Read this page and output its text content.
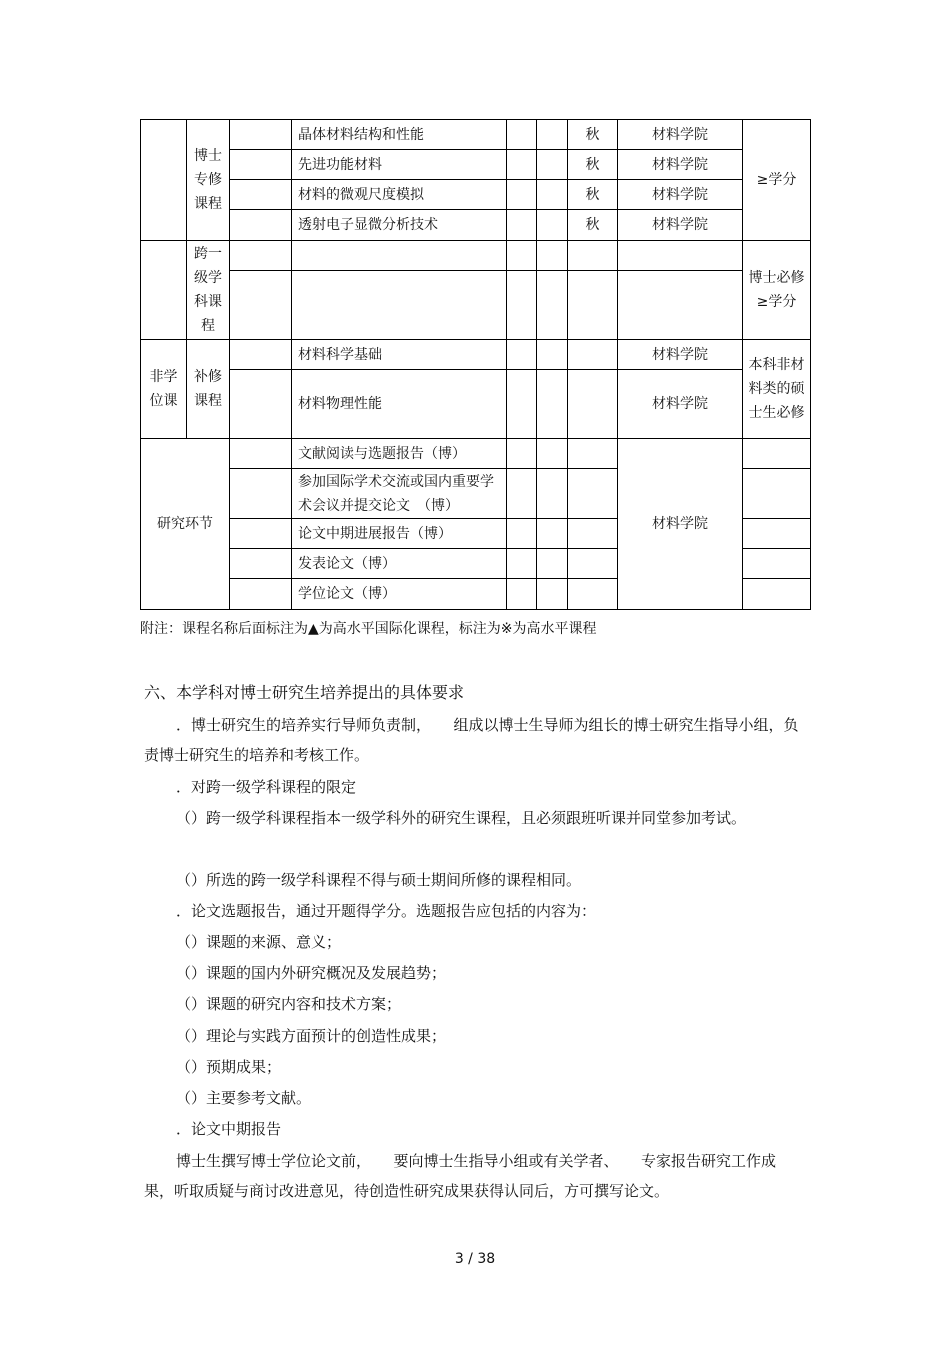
	博士专修课程		晶体材料结构和性能			秋	材料学院	≥学分
			先进功能材料			秋	材料学院	
			材料的微观尺度模拟			秋	材料学院	
			透射电子显微分析技术			秋	材料学院	
	跨一级学科课程							博士必修≥学分

非学位课	补修课程		材料科学基础				材料学院	本科非材料类的硕士生必修
			材料物理性能				材料学院	
研究环节			文献阅读与选题报告（博）				材料学院	
			参加国际学术交流或国内重要学术会议并提交论文　（博）					
			论文中期进展报告（博）					
			发表论文（博）					
			学位论文（博）					
附注：课程名称后面标注为▲为高水平国际化课程，标注为※为高水平课程
六、本学科对博士研究生培养提出的具体要求

．博士研究生的培养实行导师负责制，　　组成以博士生导师为组长的博士研究生指导小组，负责博士研究生的培养和考核工作。

．对跨一级学科课程的限定

（）跨一级学科课程指本一级学科外的研究生课程，且必须跟班听课并同堂参加考试。

（）所选的跨一级学科课程不得与硕士期间所修的课程相同。

．论文选题报告，通过开题得学分。选题报告应包括的内容为：

（）课题的来源、意义；

（）课题的国内外研究概况及发展趋势；

（）课题的研究内容和技术方案；

（）理论与实践方面预计的创造性成果；

（）预期成果；

（）主要参考文献。

．论文中期报告

博士生撰写博士学位论文前，　　要向博士生指导小组或有关学者、　　专家报告研究工作成果，听取质疑与商讨改进意见，待创造性研究成果获得认同后，方可撰写论文。

3 / 38
